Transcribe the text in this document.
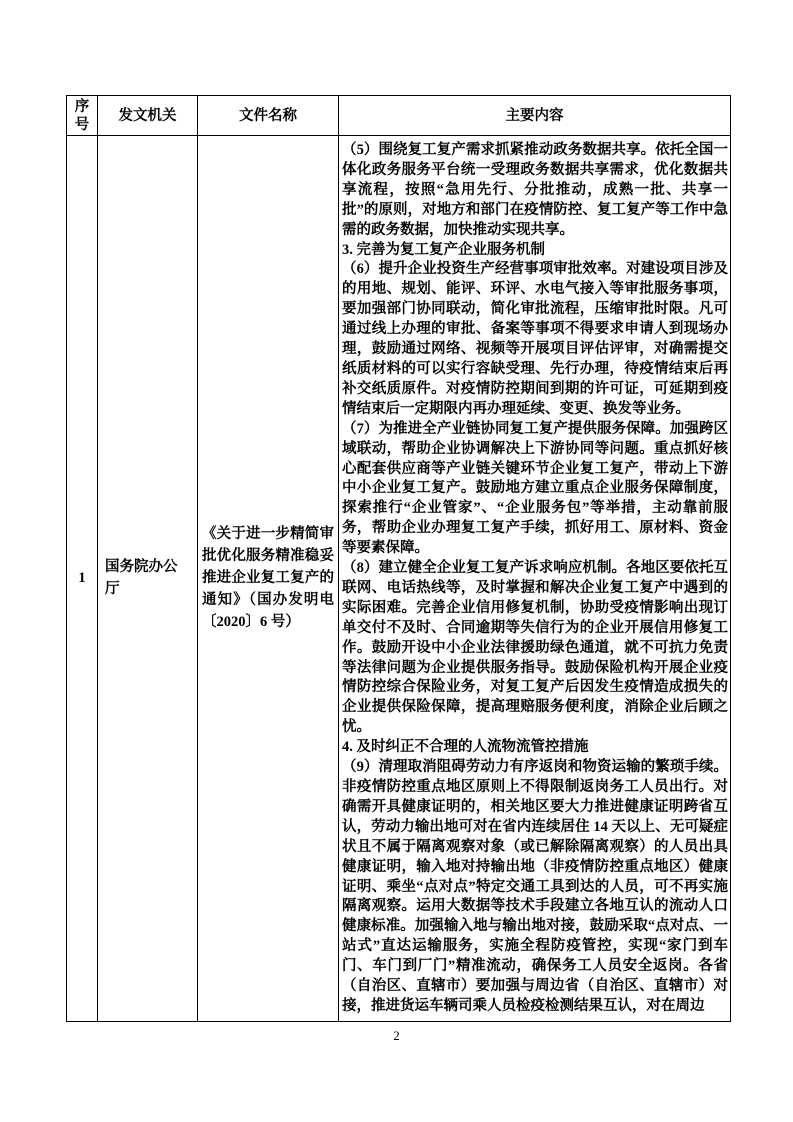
序号	发文机关	文件名称	主要内容
1	国务院办公厅	《关于进一步精简审批优化服务精准稳妥推进企业复工复产的通知》（国办发明电〔2020〕6 号）	

（5）围绕复工复产需求抓紧推动政务数据共享。依托全国一体化政务服务平台统一受理政务数据共享需求，优化数据共享流程，按照“急用先行、分批推动，成熟一批、共享一批”的原则，对地方和部门在疫情防控、复工复产等工作中急需的政务数据，加快推动实现共享。

3. 完善为复工复产企业服务机制

（6）提升企业投资生产经营事项审批效率。对建设项目涉及的用地、规划、能评、环评、水电气接入等审批服务事项，要加强部门协同联动，简化审批流程，压缩审批时限。凡可通过线上办理的审批、备案等事项不得要求申请人到现场办理，鼓励通过网络、视频等开展项目评估评审，对确需提交纸质材料的可以实行容缺受理、先行办理，待疫情结束后再补交纸质原件。对疫情防控期间到期的许可证，可延期到疫情结束后一定期限内再办理延续、变更、换发等业务。

（7）为推进全产业链协同复工复产提供服务保障。加强跨区域联动，帮助企业协调解决上下游协同等问题。重点抓好核心配套供应商等产业链关键环节企业复工复产，带动上下游中小企业复工复产。鼓励地方建立重点企业服务保障制度，探索推行“企业管家”、“企业服务包”等举措，主动靠前服务，帮助企业办理复工复产手续，抓好用工、原材料、资金等要素保障。

（8）建立健全企业复工复产诉求响应机制。各地区要依托互联网、电话热线等，及时掌握和解决企业复工复产中遇到的实际困难。完善企业信用修复机制，协助受疫情影响出现订单交付不及时、合同逾期等失信行为的企业开展信用修复工作。鼓励开设中小企业法律援助绿色通道，就不可抗力免责等法律问题为企业提供服务指导。鼓励保险机构开展企业疫情防控综合保险业务，对复工复产后因发生疫情造成损失的企业提供保险保障，提高理赔服务便利度，消除企业后顾之忧。

4. 及时纠正不合理的人流物流管控措施

（9）清理取消阻碍劳动力有序返岗和物资运输的繁琐手续。非疫情防控重点地区原则上不得限制返岗务工人员出行。对确需开具健康证明的，相关地区要大力推进健康证明跨省互认，劳动力输出地可对在省内连续居住 14 天以上、无可疑症状且不属于隔离观察对象（或已解除隔离观察）的人员出具健康证明，输入地对持输出地（非疫情防控重点地区）健康证明、乘坐“点对点”特定交通工具到达的人员，可不再实施隔离观察。运用大数据等技术手段建立各地互认的流动人口健康标准。加强输入地与输出地对接，鼓励采取“点对点、一站式”直达运输服务，实施全程防疫管控，实现“家门到车门、车门到厂门”精准流动，确保务工人员安全返岗。各省（自治区、直辖市）要加强与周边省（自治区、直辖市）对接，推进货运车辆司乘人员检疫检测结果互认，对在周边

2
